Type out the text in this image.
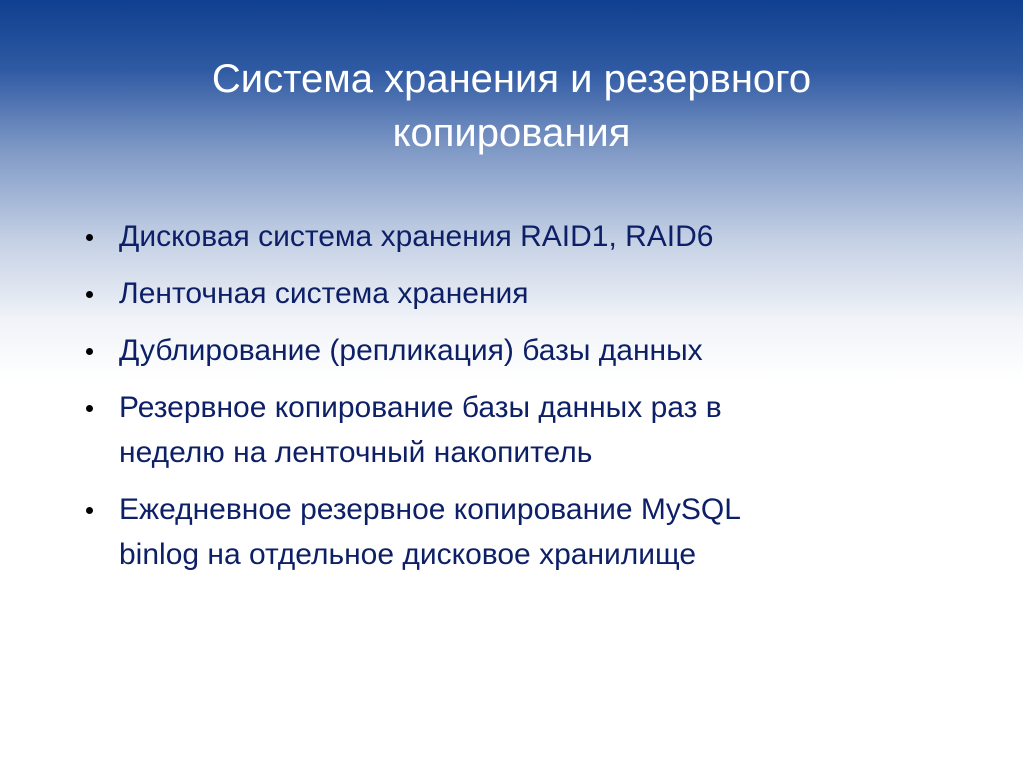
Система хранения и резервного
копирования
Дисковая система хранения RAID1, RAID6
Ленточная система хранения
Дублирование (репликация) базы данных
Резервное копирование базы данных раз в
неделю на ленточный накопитель
Ежедневное резервное копирование MySQL
binlog на отдельное дисковое хранилище
